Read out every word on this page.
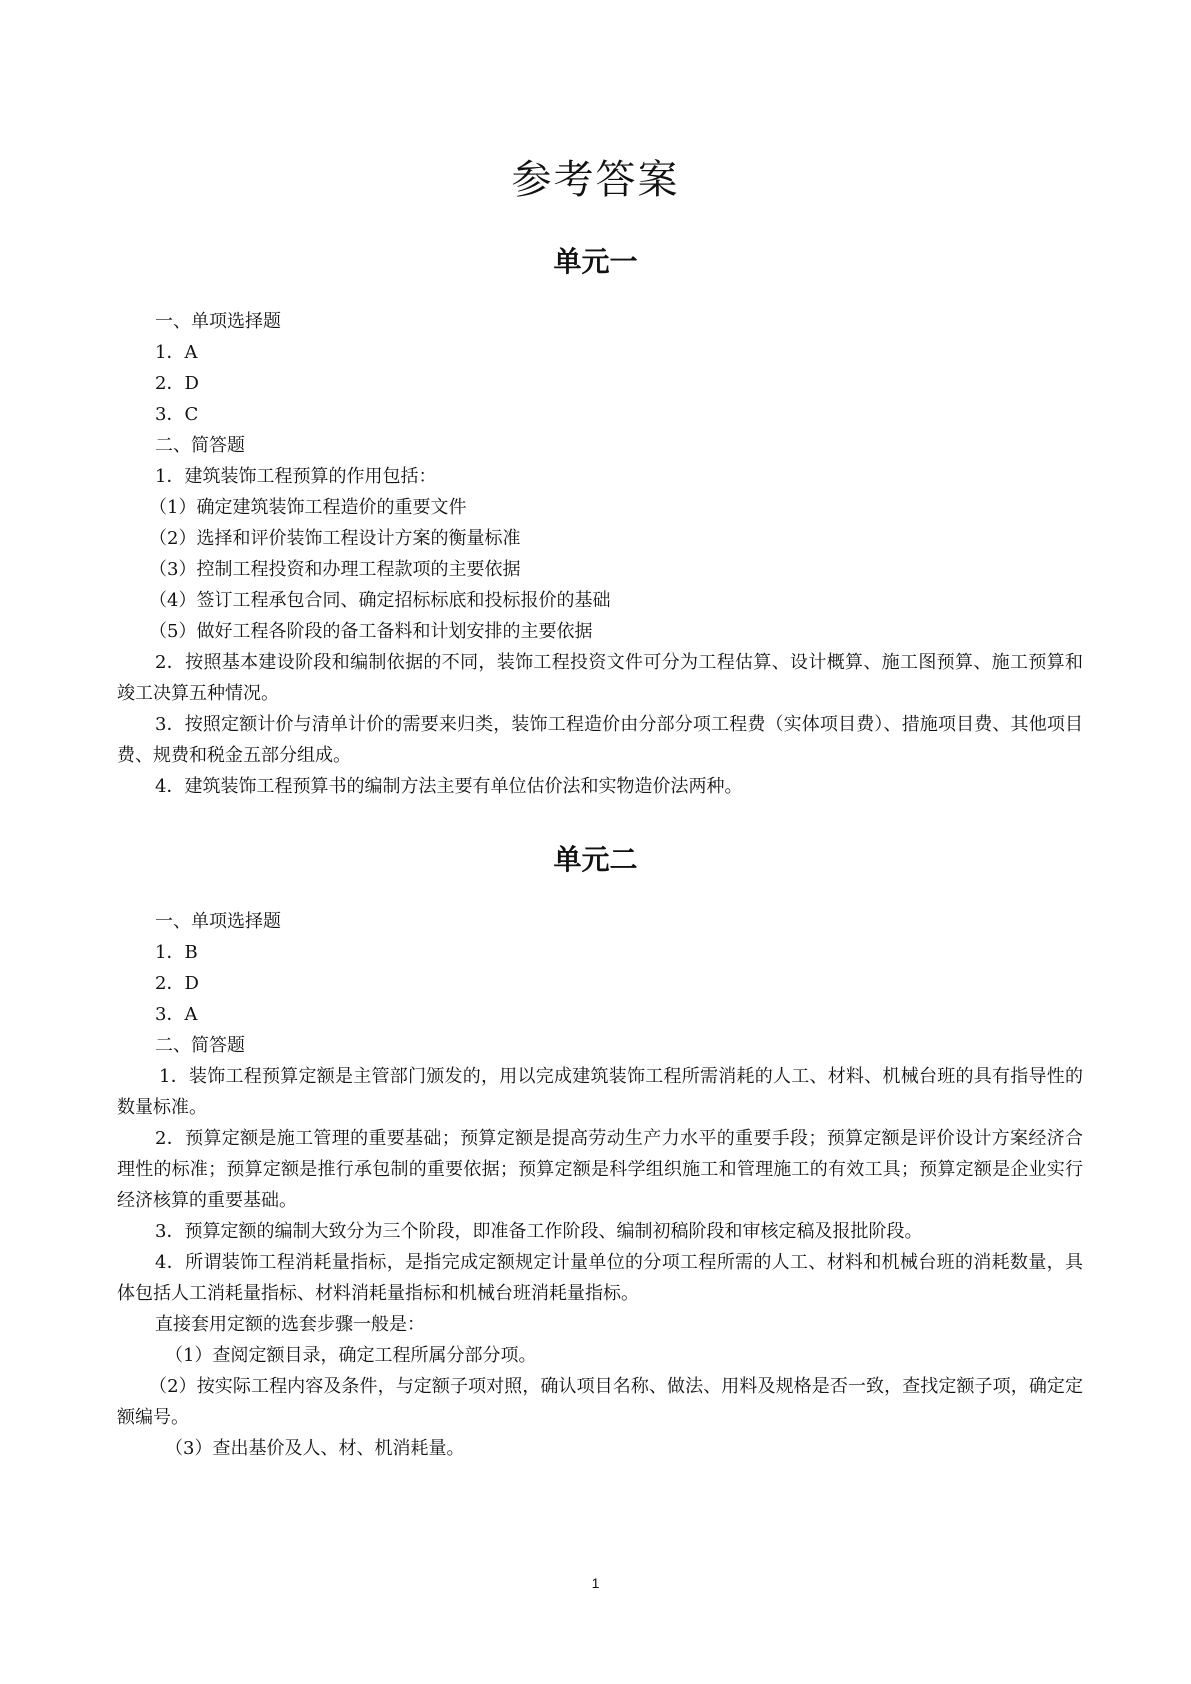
参考答案
单元一
一、单项选择题
1．A
2．D
3．C
二、简答题
1．建筑装饰工程预算的作用包括：
（1）确定建筑装饰工程造价的重要文件
（2）选择和评价装饰工程设计方案的衡量标准
（3）控制工程投资和办理工程款项的主要依据
（4）签订工程承包合同、确定招标标底和投标报价的基础
（5）做好工程各阶段的备工备料和计划安排的主要依据

2．按照基本建设阶段和编制依据的不同，装饰工程投资文件可分为工程估算、设计概算、施工图预算、施工预算和竣工决算五种情况。

3．按照定额计价与清单计价的需要来归类，装饰工程造价由分部分项工程费（实体项目费）、措施项目费、其他项目费、规费和税金五部分组成。

4．建筑装饰工程预算书的编制方法主要有单位估价法和实物造价法两种。

单元二
一、单项选择题
1．B
2．D
3．A
二、简答题

1．装饰工程预算定额是主管部门颁发的，用以完成建筑装饰工程所需消耗的人工、材料、机械台班的具有指导性的数量标准。

2．预算定额是施工管理的重要基础；预算定额是提高劳动生产力水平的重要手段；预算定额是评价设计方案经济合理性的标准；预算定额是推行承包制的重要依据；预算定额是科学组织施工和管理施工的有效工具；预算定额是企业实行经济核算的重要基础。

3．预算定额的编制大致分为三个阶段，即准备工作阶段、编制初稿阶段和审核定稿及报批阶段。

4．所谓装饰工程消耗量指标，是指完成定额规定计量单位的分项工程所需的人工、材料和机械台班的消耗数量，具体包括人工消耗量指标、材料消耗量指标和机械台班消耗量指标。

直接套用定额的选套步骤一般是：

（1）查阅定额目录，确定工程所属分部分项。

（2）按实际工程内容及条件，与定额子项对照，确认项目名称、做法、用料及规格是否一致，查找定额子项，确定定额编号。

（3）查出基价及人、材、机消耗量。
1
